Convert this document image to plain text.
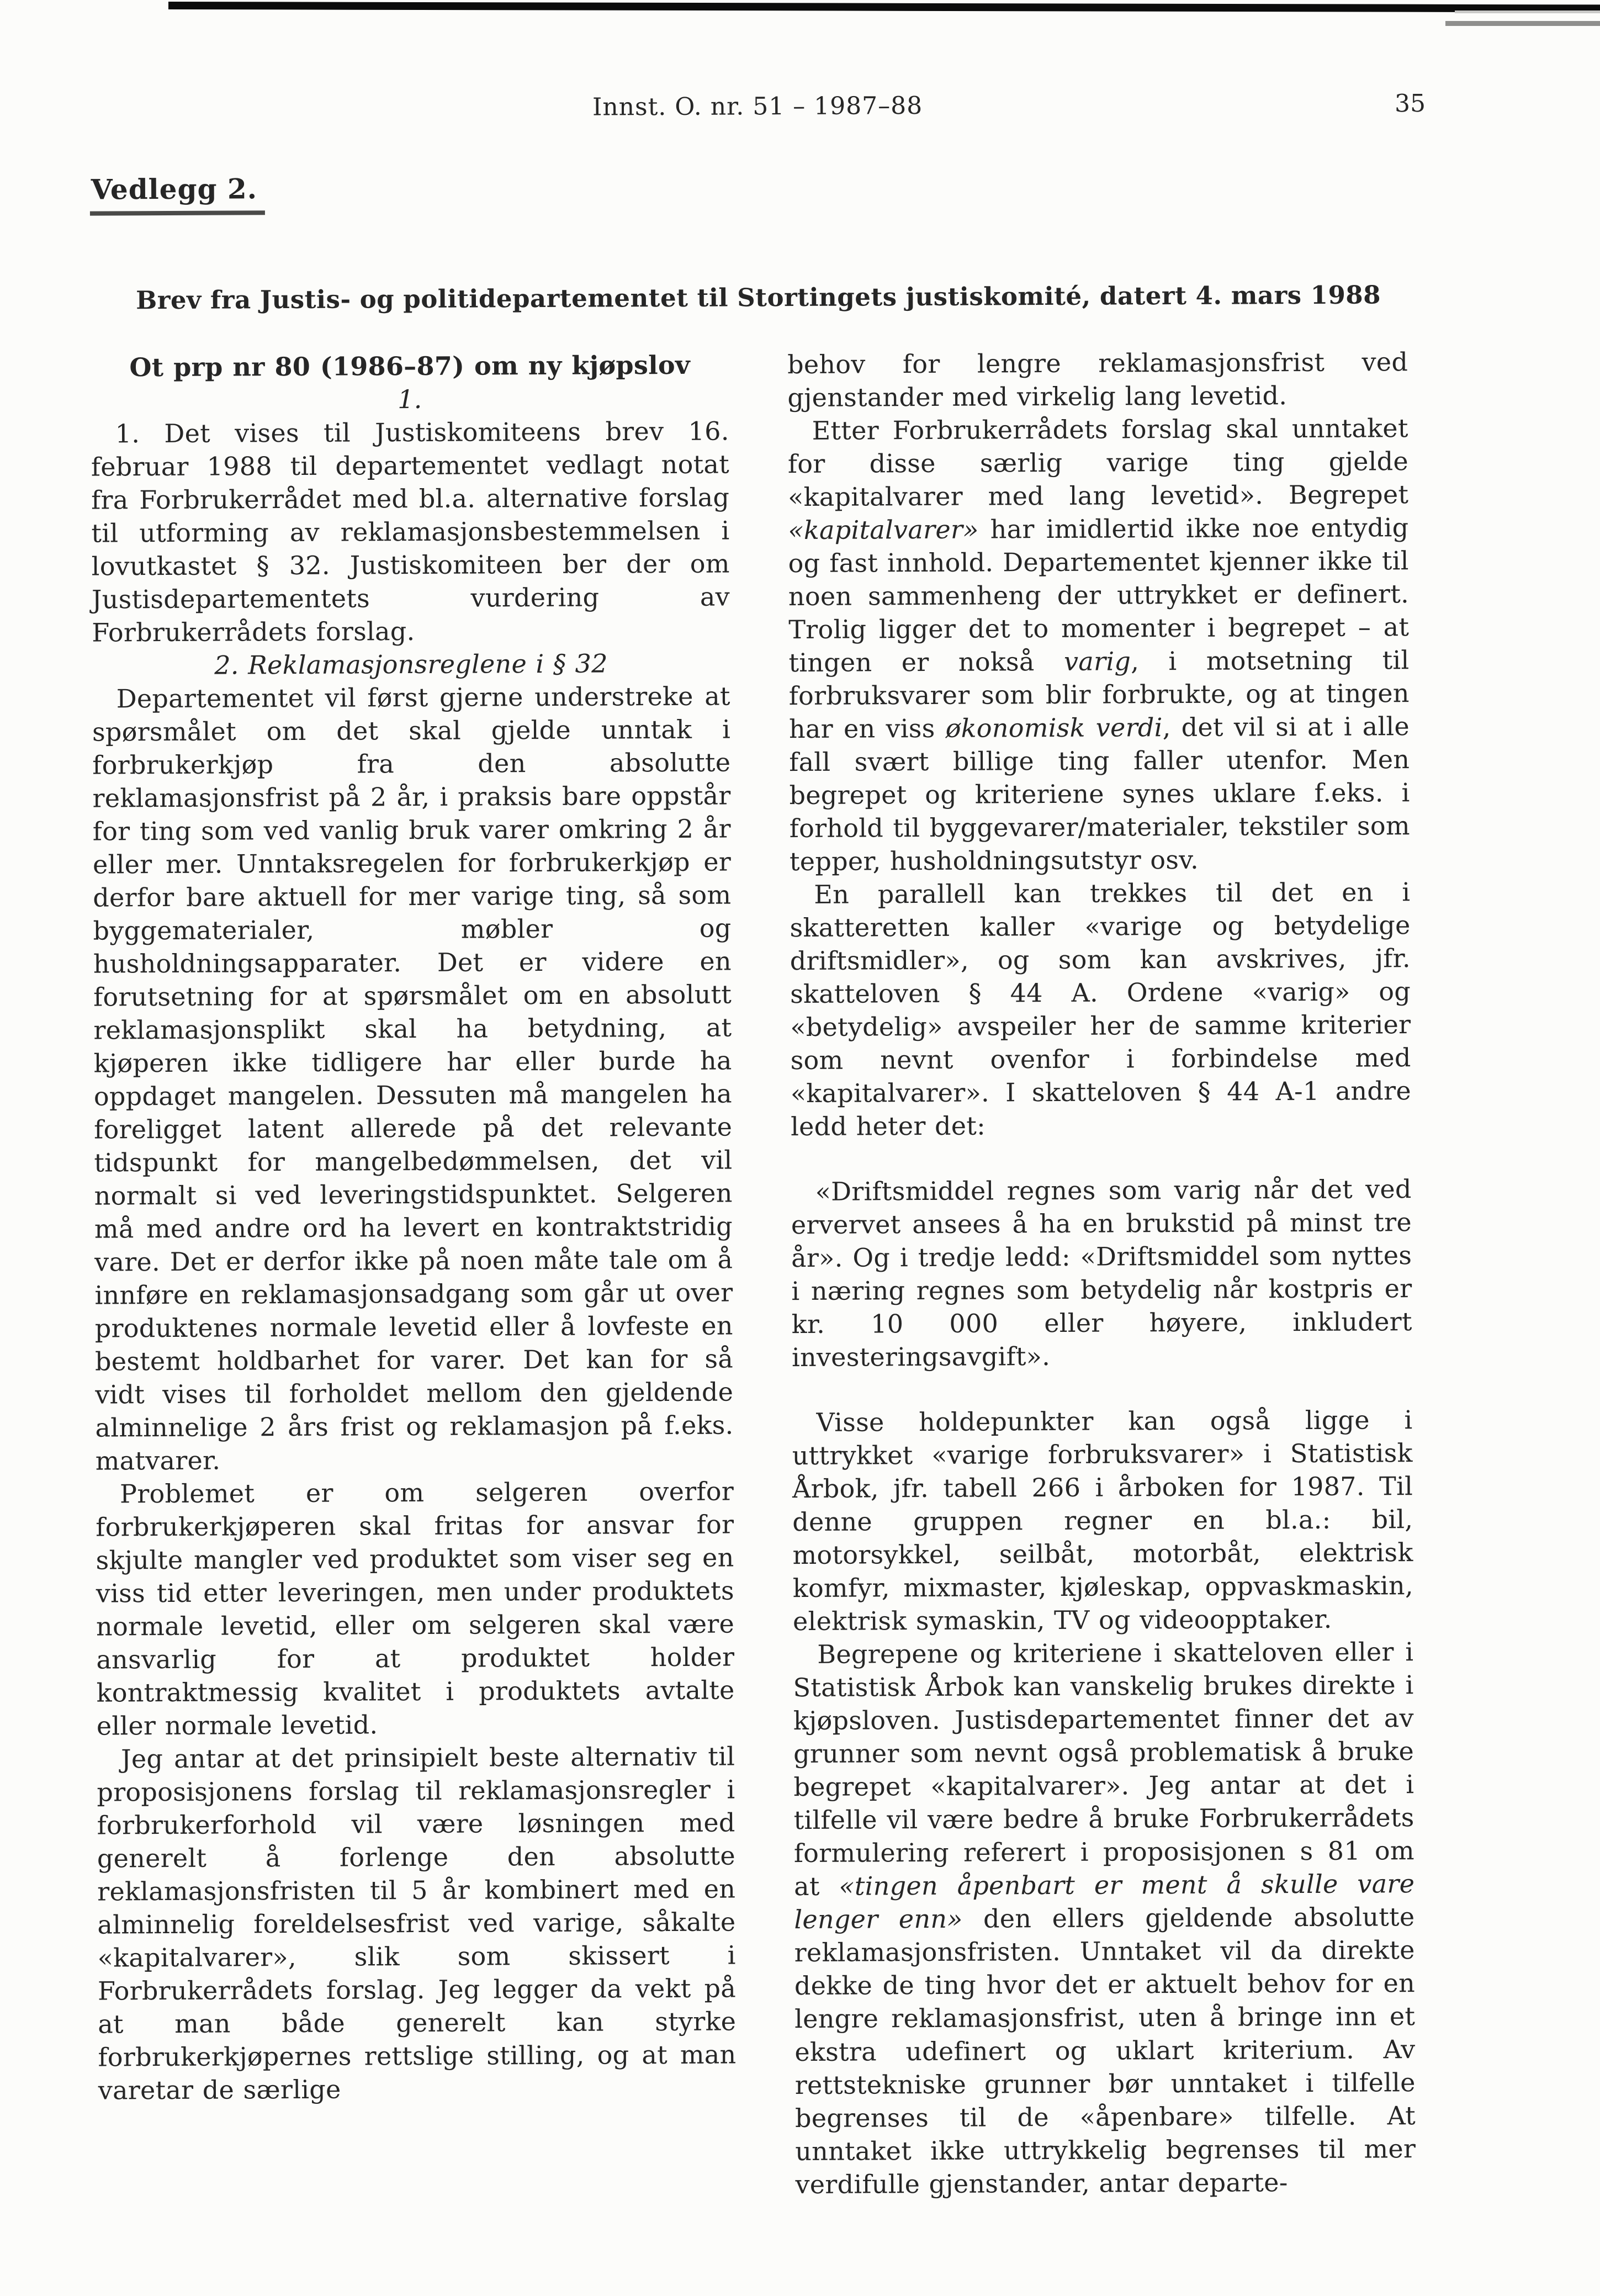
Innst. O. nr. 51 – 1987–88	35
Vedlegg 2.
Brev fra Justis- og politidepartementet til Stortingets justiskomité, datert 4. mars 1988

Ot prp nr 80 (1986–87) om ny kjøpslov

1.

1. Det vises til Justiskomiteens brev 16. februar 1988 til departementet vedlagt notat fra Forbrukerrådet med bl.a. alternative forslag til utforming av reklamasjonsbestemmelsen i lovutkastet § 32. Justiskomiteen ber der om Justisdepartementets vurdering av Forbrukerrådets forslag.

2. Reklamasjonsreglene i § 32

Departementet vil først gjerne understreke at spørsmålet om det skal gjelde unntak i forbrukerkjøp fra den absolutte reklamasjonsfrist på 2 år, i praksis bare oppstår for ting som ved vanlig bruk varer omkring 2 år eller mer. Unntaksregelen for forbrukerkjøp er derfor bare aktuell for mer varige ting, så som byggematerialer, møbler og husholdningsapparater. Det er videre en forutsetning for at spørsmålet om en absolutt reklamasjonsplikt skal ha betydning, at kjøperen ikke tidligere har eller burde ha oppdaget mangelen. Dessuten må mangelen ha foreligget latent allerede på det relevante tidspunkt for mangelbedømmelsen, det vil normalt si ved leveringstidspunktet. Selgeren må med andre ord ha levert en kontraktstridig vare. Det er derfor ikke på noen måte tale om å innføre en reklamasjonsadgang som går ut over produktenes normale levetid eller å lovfeste en bestemt holdbarhet for varer. Det kan for så vidt vises til forholdet mellom den gjeldende alminnelige 2 års frist og reklamasjon på f.eks. matvarer.

Problemet er om selgeren overfor forbrukerkjøperen skal fritas for ansvar for skjulte mangler ved produktet som viser seg en viss tid etter leveringen, men under produktets normale levetid, eller om selgeren skal være ansvarlig for at produktet holder kontraktmessig kvalitet i produktets avtalte eller normale levetid.

Jeg antar at det prinsipielt beste alternativ til proposisjonens forslag til reklamasjonsregler i forbrukerforhold vil være løsningen med generelt å forlenge den absolutte reklamasjonsfristen til 5 år kombinert med en alminnelig foreldelsesfrist ved varige, såkalte «kapitalvarer», slik som skissert i Forbrukerrådets forslag. Jeg legger da vekt på at man både generelt kan styrke forbrukerkjøpernes rettslige stilling, og at man varetar de særlige

behov for lengre reklamasjonsfrist ved gjenstander med virkelig lang levetid.

Etter Forbrukerrådets forslag skal unntaket for disse særlig varige ting gjelde «kapitalvarer med lang levetid». Begrepet «kapitalvarer» har imidlertid ikke noe entydig og fast innhold. Departementet kjenner ikke til noen sammenheng der uttrykket er definert. Trolig ligger det to momenter i begrepet – at tingen er nokså varig, i motsetning til forbruksvarer som blir forbrukte, og at tingen har en viss økonomisk verdi, det vil si at i alle fall svært billige ting faller utenfor. Men begrepet og kriteriene synes uklare f.eks. i forhold til byggevarer/materialer, tekstiler som tepper, husholdningsutstyr osv.

En parallell kan trekkes til det en i skatteretten kaller «varige og betydelige driftsmidler», og som kan avskrives, jfr. skatteloven § 44 A. Ordene «varig» og «betydelig» avspeiler her de samme kriterier som nevnt ovenfor i forbindelse med «kapitalvarer». I skatteloven § 44 A-1 andre ledd heter det:

«Driftsmiddel regnes som varig når det ved ervervet ansees å ha en brukstid på minst tre år». Og i tredje ledd: «Driftsmiddel som nyttes i næring regnes som betydelig når kostpris er kr. 10 000 eller høyere, inkludert investeringsavgift».

Visse holdepunkter kan også ligge i uttrykket «varige forbruksvarer» i Statistisk Årbok, jfr. tabell 266 i årboken for 1987. Til denne gruppen regner en bl.a.: bil, motorsykkel, seilbåt, motorbåt, elektrisk komfyr, mixmaster, kjøleskap, oppvaskmaskin, elektrisk symaskin, TV og videoopptaker.

Begrepene og kriteriene i skatteloven eller i Statistisk Årbok kan vanskelig brukes direkte i kjøpsloven. Justisdepartementet finner det av grunner som nevnt også problematisk å bruke begrepet «kapitalvarer». Jeg antar at det i tilfelle vil være bedre å bruke Forbrukerrådets formulering referert i proposisjonen s 81 om at «tingen åpenbart er ment å skulle vare lenger enn» den ellers gjeldende absolutte reklamasjonsfristen. Unntaket vil da direkte dekke de ting hvor det er aktuelt behov for en lengre reklamasjonsfrist, uten å bringe inn et ekstra udefinert og uklart kriterium. Av rettstekniske grunner bør unntaket i tilfelle begrenses til de «åpenbare» tilfelle. At unntaket ikke uttrykkelig begrenses til mer verdifulle gjenstander, antar departe-
